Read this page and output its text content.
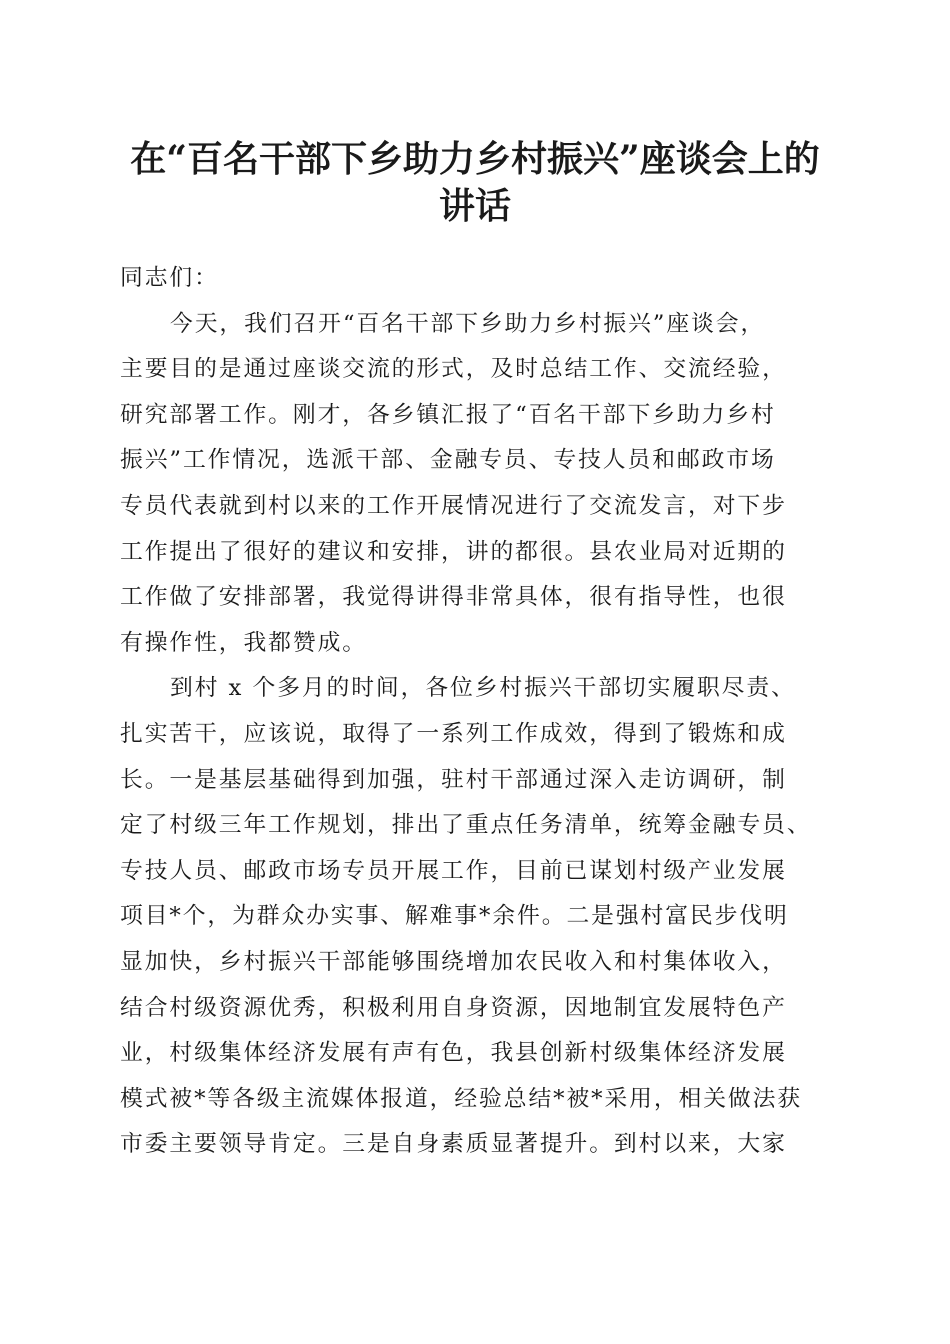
在“百名干部下乡助力乡村振兴”座谈会上的
讲话
同志们：
今天，我们召开“百名干部下乡助力乡村振兴”座谈会，
主要目的是通过座谈交流的形式，及时总结工作、交流经验，
研究部署工作。刚才，各乡镇汇报了“百名干部下乡助力乡村
振兴”工作情况，选派干部、金融专员、专技人员和邮政市场
专员代表就到村以来的工作开展情况进行了交流发言，对下步
工作提出了很好的建议和安排，讲的都很。县农业局对近期的
工作做了安排部署，我觉得讲得非常具体，很有指导性，也很
有操作性，我都赞成。
到村 x 个多月的时间，各位乡村振兴干部切实履职尽责、
扎实苦干，应该说，取得了一系列工作成效，得到了锻炼和成
长。一是基层基础得到加强，驻村干部通过深入走访调研，制
定了村级三年工作规划，排出了重点任务清单，统筹金融专员、
专技人员、邮政市场专员开展工作，目前已谋划村级产业发展
项目*个，为群众办实事、解难事*余件。二是强村富民步伐明
显加快，乡村振兴干部能够围绕增加农民收入和村集体收入，
结合村级资源优秀，积极利用自身资源，因地制宜发展特色产
业，村级集体经济发展有声有色，我县创新村级集体经济发展
模式被*等各级主流媒体报道，经验总结*被*采用，相关做法获
市委主要领导肯定。三是自身素质显著提升。到村以来，大家
